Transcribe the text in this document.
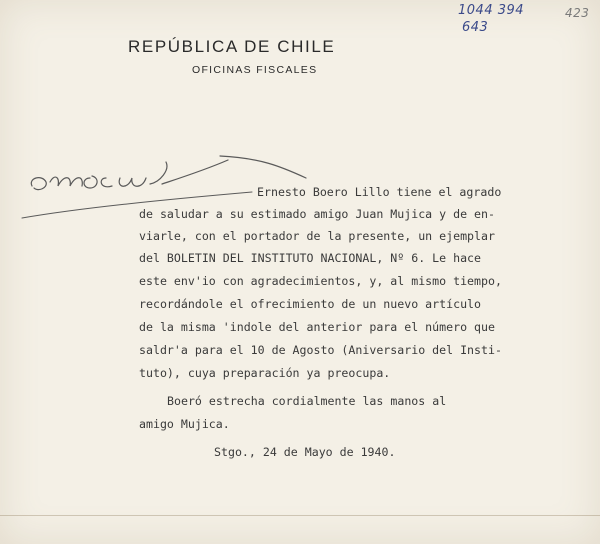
1044 394
643
423
REPÚBLICA DE CHILE
OFICINAS FISCALES
Ernesto Boero Lillo tiene el agrado
de saludar a su estimado amigo Juan Mujica y de en-
viarle, con el portador de la presente, un ejemplar
del BOLETIN DEL INSTITUTO NACIONAL, Nº 6. Le hace
este env'io con agradecimientos, y, al mismo tiempo,
recordándole el ofrecimiento de un nuevo artículo
de la misma 'indole del anterior para el número que
saldr'a para el 10 de Agosto (Aniversario del Insti-
tuto), cuya preparación ya preocupa.
Boeró estrecha cordialmente las manos al
amigo Mujica.
Stgo., 24 de Mayo de 1940.
